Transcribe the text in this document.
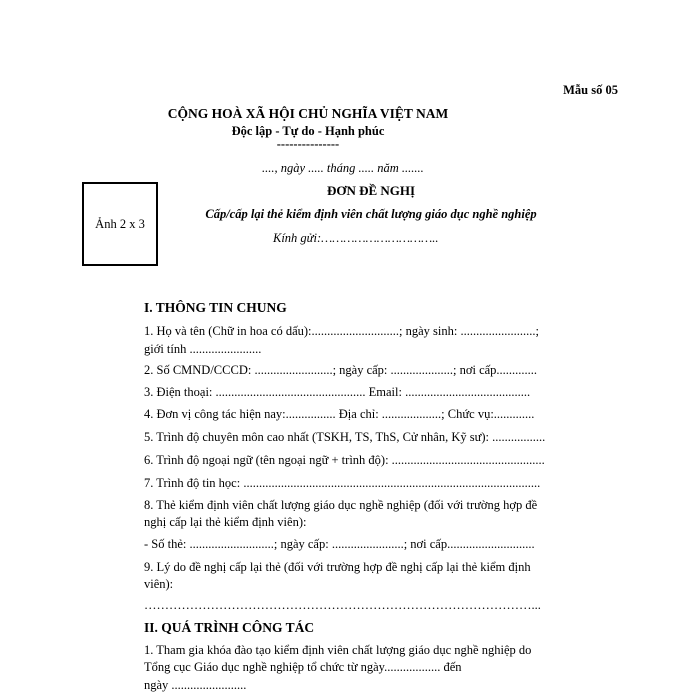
Mẫu số 05
CỘNG HOÀ XÃ HỘI CHỦ NGHĨA VIỆT NAM
Độc lập - Tự do - Hạnh phúc
---------------
...., ngày ..... tháng ..... năm .......
Ảnh 2 x 3
ĐƠN ĐỀ NGHỊ
Cấp/cấp lại thẻ kiểm định viên chất lượng giáo dục nghề nghiệp
Kính gửi:…………………………..
I. THÔNG TIN CHUNG
1. Họ và tên (Chữ in hoa có dấu):............................; ngày sinh: ........................;
giới tính .......................
2. Số CMND/CCCD: .........................; ngày cấp: ....................; nơi cấp.............
3. Điện thoại: ................................................ Email: ........................................
4. Đơn vị công tác hiện nay:................ Địa chỉ: ...................; Chức vụ:.............
5. Trình độ chuyên môn cao nhất (TSKH, TS, ThS, Cử nhân, Kỹ sư): .................
6. Trình độ ngoại ngữ (tên ngoại ngữ + trình độ): .................................................
7. Trình độ tin học: ...............................................................................................
8. Thẻ kiểm định viên chất lượng giáo dục nghề nghiệp (đối với trường hợp đề
nghị cấp lại thẻ kiểm định viên):
- Số thẻ: ...........................; ngày cấp: .......................; nơi cấp............................
9. Lý do đề nghị cấp lại thẻ (đối với trường hợp đề nghị cấp lại thẻ kiểm định
viên):
…………………………………………………………………………………...
II. QUÁ TRÌNH CÔNG TÁC
1. Tham gia khóa đào tạo kiểm định viên chất lượng giáo dục nghề nghiệp do
Tổng cục Giáo dục nghề nghiệp tổ chức từ ngày.................. đến
ngày ........................
